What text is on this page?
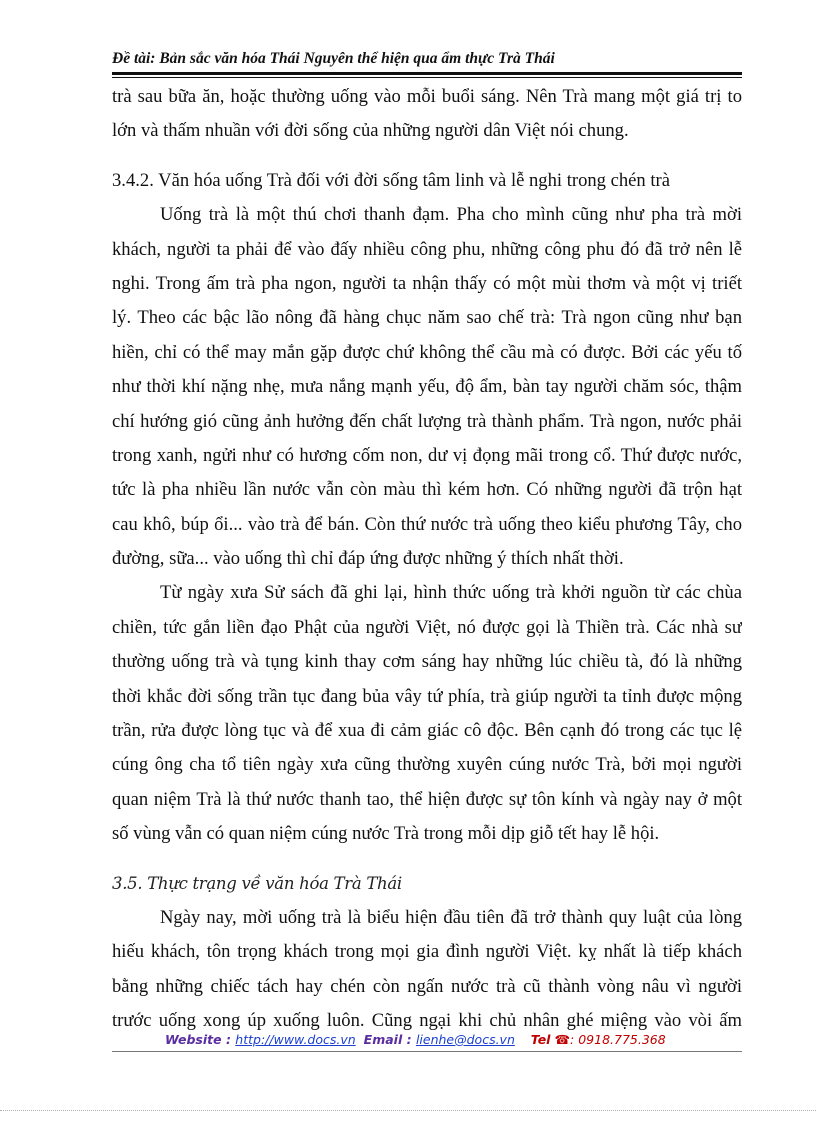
Đề tài: Bản sắc văn hóa Thái Nguyên thể hiện qua ẩm thực Trà Thái
trà sau bữa ăn, hoặc thường uống vào mỗi buổi sáng. Nên Trà mang một giá trị to
lớn và thấm nhuần với đời sống của những người dân Việt nói chung.
3.4.2. Văn hóa uống Trà đối với đời sống tâm linh và lễ nghi trong chén trà
Uống trà là một thú chơi thanh đạm. Pha cho mình cũng như pha trà mời
khách, người ta phải để vào đấy nhiều công phu, những công phu đó đã trở nên lễ
nghi. Trong ấm trà pha ngon, người ta nhận thấy có một mùi thơm và một vị triết
lý. Theo các bậc lão nông đã hàng chục năm sao chế trà: Trà ngon cũng như bạn
hiền, chỉ có thể may mắn gặp được chứ không thể cầu mà có được. Bởi các yếu tố
như thời khí nặng nhẹ, mưa nắng mạnh yếu, độ ẩm, bàn tay người chăm sóc, thậm
chí hướng gió cũng ảnh hưởng đến chất lượng trà thành phẩm. Trà ngon, nước phải
trong xanh, ngửi như có hương cốm non, dư vị đọng mãi trong cổ. Thứ được nước,
tức là pha nhiều lần nước vẫn còn màu thì kém hơn. Có những người đã trộn hạt
cau khô, búp ổi... vào trà để bán. Còn thứ nước trà uống theo kiểu phương Tây, cho
đường, sữa... vào uống thì chỉ đáp ứng được những ý thích nhất thời.
Từ ngày xưa Sử sách đã ghi lại, hình thức uống trà khởi nguồn từ các chùa
chiền, tức gắn liền đạo Phật của người Việt, nó được gọi là Thiền trà. Các nhà sư
thường uống trà và tụng kinh thay cơm sáng hay những lúc chiều tà, đó là những
thời khắc đời sống trần tục đang bủa vây tứ phía, trà giúp người ta tỉnh được mộng
trần, rửa được lòng tục và để xua đi cảm giác cô độc. Bên cạnh đó trong các tục lệ
cúng ông cha tổ tiên ngày xưa cũng thường xuyên cúng nước Trà, bởi mọi người
quan niệm Trà là thứ nước thanh tao, thể hiện được sự tôn kính và ngày nay ở một
số vùng vẫn có quan niệm cúng nước Trà trong mỗi dịp giỗ tết hay lễ hội.
3.5. Thực trạng về văn hóa Trà Thái
Ngày nay, mời uống trà là biểu hiện đầu tiên đã trở thành quy luật của lòng
hiếu khách, tôn trọng khách trong mọi gia đình người Việt. kỵ nhất là tiếp khách
bằng những chiếc tách hay chén còn ngấn nước trà cũ thành vòng nâu vì người
trước uống xong úp xuống luôn. Cũng ngại khi chủ nhân ghé miệng vào vòi ấm
Website : http://www.docs.vn Email : lienhe@docs.vn Tel ☎: 0918.775.368
